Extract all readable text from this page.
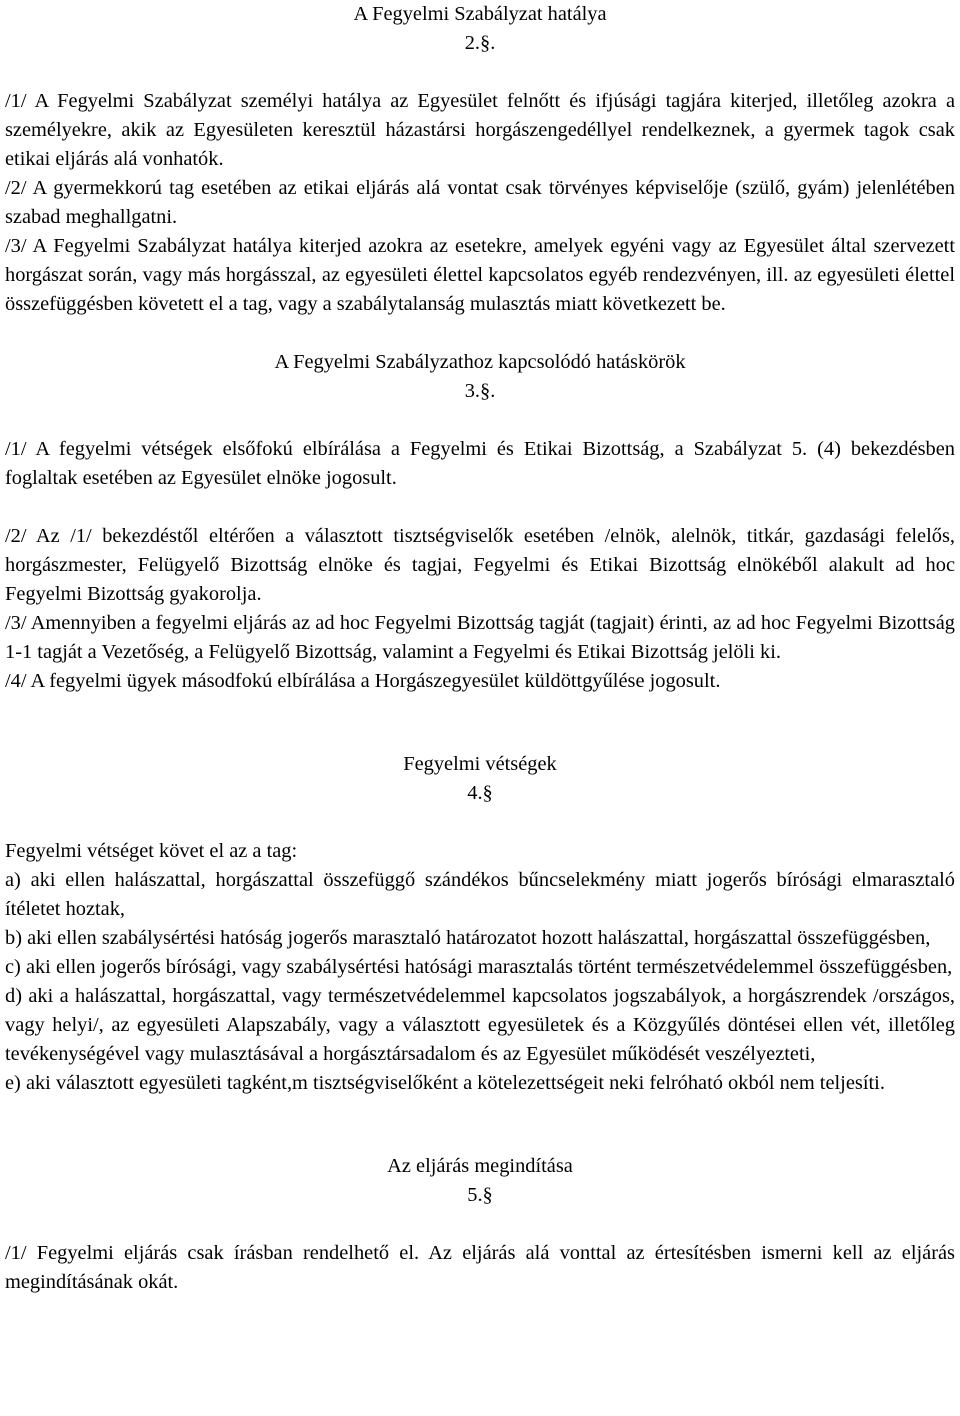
A Fegyelmi Szabályzat hatálya

2.§.

/1/ A Fegyelmi Szabályzat személyi hatálya az Egyesület felnőtt és ifjúsági tagjára kiterjed, illetőleg azokra a személyekre, akik az Egyesületen keresztül házastársi horgászengedéllyel rendelkeznek, a gyermek tagok csak etikai eljárás alá vonhatók.

/2/ A gyermekkorú tag esetében az etikai eljárás alá vontat csak törvényes képviselője (szülő, gyám) jelenlétében szabad meghallgatni.

/3/ A Fegyelmi Szabályzat hatálya kiterjed azokra az esetekre, amelyek egyéni vagy az Egyesület által szervezett horgászat során, vagy más horgásszal, az egyesületi élettel kapcsolatos egyéb rendezvényen, ill. az egyesületi élettel összefüggésben követett el a tag, vagy a szabálytalanság mulasztás miatt következett be.

A Fegyelmi Szabályzathoz kapcsolódó hatáskörök

3.§.

/1/ A fegyelmi vétségek elsőfokú elbírálása a Fegyelmi és Etikai Bizottság, a Szabályzat 5. (4) bekezdésben foglaltak esetében az Egyesület elnöke jogosult.

/2/ Az /1/ bekezdéstől eltérően a választott tisztségviselők esetében /elnök, alelnök, titkár, gazdasági felelős, horgászmester, Felügyelő Bizottság elnöke és tagjai, Fegyelmi és Etikai Bizottság elnökéből alakult ad hoc Fegyelmi Bizottság gyakorolja.

/3/ Amennyiben a fegyelmi eljárás az ad hoc Fegyelmi Bizottság tagját (tagjait) érinti, az ad hoc Fegyelmi Bizottság 1-1 tagját a Vezetőség, a Felügyelő Bizottság, valamint a Fegyelmi és Etikai Bizottság jelöli ki.

/4/ A fegyelmi ügyek másodfokú elbírálása a Horgászegyesület küldöttgyűlése jogosult.

Fegyelmi vétségek

4.§

Fegyelmi vétséget követ el az a tag:

a) aki ellen halászattal, horgászattal összefüggő szándékos bűncselekmény miatt jogerős bírósági elmarasztaló ítéletet hoztak,

b) aki ellen szabálysértési hatóság jogerős marasztaló határozatot hozott halászattal, horgászattal összefüggésben,

c) aki ellen jogerős bírósági, vagy szabálysértési hatósági marasztalás történt természetvédelemmel összefüggésben,

d) aki a halászattal, horgászattal, vagy természetvédelemmel kapcsolatos jogszabályok, a horgászrendek /országos, vagy helyi/, az egyesületi Alapszabály, vagy a választott egyesületek és a Közgyűlés döntései ellen vét, illetőleg tevékenységével vagy mulasztásával a horgásztársadalom és az Egyesület működését veszélyezteti,

e) aki választott egyesületi tagként,m tisztségviselőként a kötelezettségeit neki felróható okból nem teljesíti.

Az eljárás megindítása

5.§

/1/ Fegyelmi eljárás csak írásban rendelhető el. Az eljárás alá vonttal az értesítésben ismerni kell az eljárás megindításának okát.
